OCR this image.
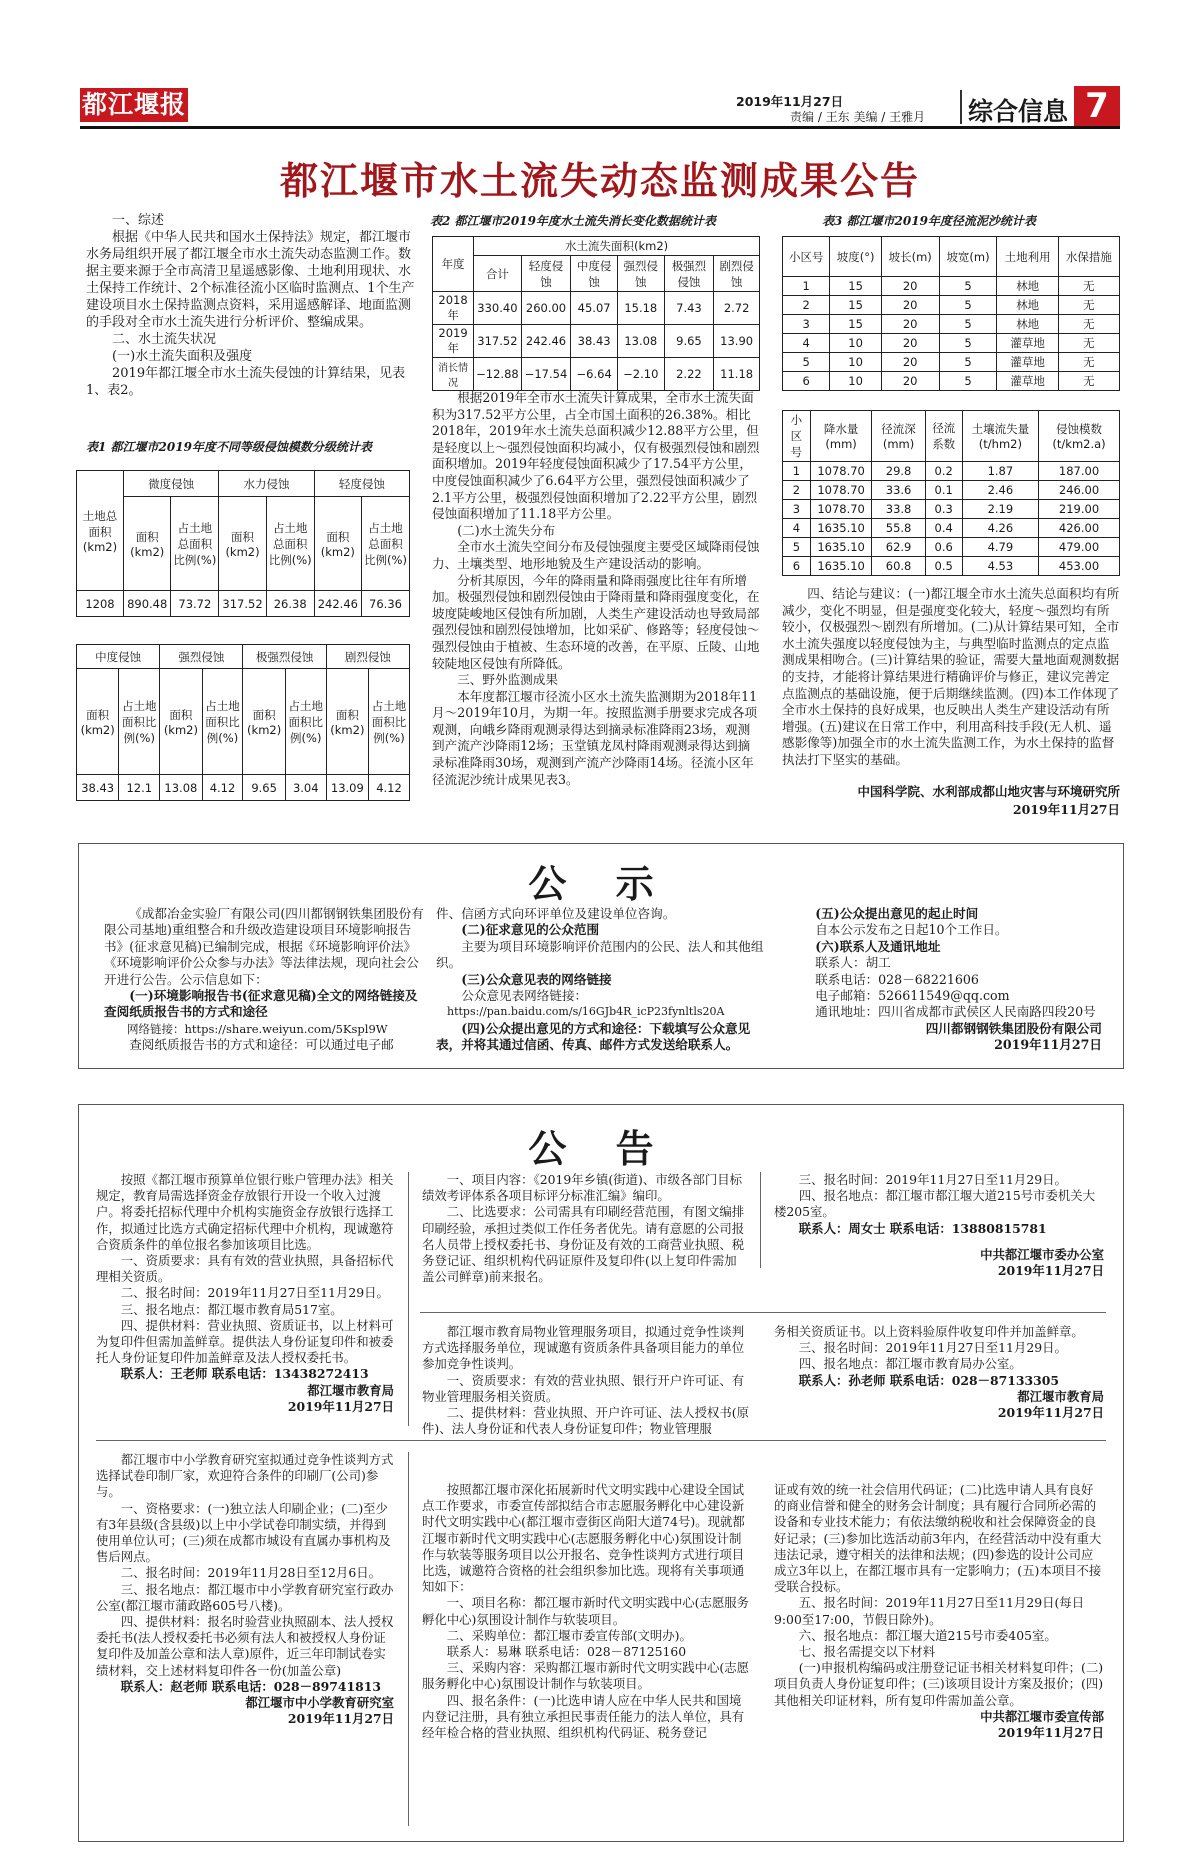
都江堰报	2019年11月27日
责编 / 王东 美编 / 王雅月 综合信息 7
都江堰市水土流失动态监测成果公告

一、综述

根据《中华人民共和国水土保持法》规定，都江堰市水务局组织开展了都江堰全市水土流失动态监测工作。数据主要来源于全市高清卫星遥感影像、土地利用现状、水土保持工作统计、2个标准径流小区临时监测点、1个生产建设项目水土保持监测点资料，采用遥感解译、地面监测的手段对全市水土流失进行分析评价、整编成果。

二、水土流失状况

(一)水土流失面积及强度

2019年都江堰全市水土流失侵蚀的计算结果，见表1、表2。

表1 都江堰市2019年度不同等级侵蚀模数分级统计表
土地总面积(km2)	微度侵蚀		水力侵蚀		轻度侵蚀	
	面积(km2)	占土地总面积比例(%)	面积(km2)	占土地总面积比例(%)	面积(km2)	占土地总面积比例(%)
1208	890.48	73.72	317.52	26.38	242.46	76.36
中度侵蚀		强烈侵蚀		极强烈侵蚀		剧烈侵蚀	
面积(km2)	占土地面积比例(%)	面积(km2)	占土地面积比例(%)	面积(km2)	占土地面积比例(%)	面积(km2)	占土地面积比例(%)
38.43	12.1	13.08	4.12	9.65	3.04	13.09	4.12
表2 都江堰市2019年度水土流失消长变化数据统计表
年度	水土流失面积(km2)					
	合计	轻度侵蚀	中度侵蚀	强烈侵蚀	极强烈侵蚀	剧烈侵蚀
2018年	330.40	260.00	45.07	15.18	7.43	2.72
2019年	317.52	242.46	38.43	13.08	9.65	13.90
消长情况	−12.88	−17.54	−6.64	−2.10	2.22	11.18

根据2019年全市水土流失计算成果，全市水土流失面积为317.52平方公里，占全市国土面积的26.38%。相比2018年，2019年水土流失总面积减少12.88平方公里，但是轻度以上～强烈侵蚀面积均减小，仅有极强烈侵蚀和剧烈面积增加。2019年轻度侵蚀面积减少了17.54平方公里，中度侵蚀面积减少了6.64平方公里，强烈侵蚀面积减少了2.1平方公里，极强烈侵蚀面积增加了2.22平方公里，剧烈侵蚀面积增加了11.18平方公里。

(二)水土流失分布

全市水土流失空间分布及侵蚀强度主要受区域降雨侵蚀力、土壤类型、地形地貌及生产建设活动的影响。

分析其原因，今年的降雨量和降雨强度比往年有所增加。极强烈侵蚀和剧烈侵蚀由于降雨量和降雨强度变化，在坡度陡峻地区侵蚀有所加剧，人类生产建设活动也导致局部强烈侵蚀和剧烈侵蚀增加，比如采矿、修路等；轻度侵蚀～强烈侵蚀由于植被、生态环境的改善，在平原、丘陵、山地较陡地区侵蚀有所降低。

三、野外监测成果

本年度都江堰市径流小区水土流失监测期为2018年11月～2019年10月，为期一年。按照监测手册要求完成各项观测，向峨乡降雨观测录得达到摘录标准降雨23场，观测到产流产沙降雨12场；玉堂镇龙凤村降雨观测录得达到摘录标准降雨30场，观测到产流产沙降雨14场。径流小区年径流泥沙统计成果见表3。

表3 都江堰市2019年度径流泥沙统计表
小区号	坡度(°)	坡长(m)	坡宽(m)	土地利用	水保措施
1	15	20	5	林地	无
2	15	20	5	林地	无
3	15	20	5	林地	无
4	10	20	5	灌草地	无
5	10	20	5	灌草地	无
6	10	20	5	灌草地	无
小区号	降水量(mm)	径流深(mm)	径流系数	土壤流失量(t/hm2)	侵蚀模数(t/km2.a)
1	1078.70	29.8	0.2	1.87	187.00
2	1078.70	33.6	0.1	2.46	246.00
3	1078.70	33.8	0.3	2.19	219.00
4	1635.10	55.8	0.4	4.26	426.00
5	1635.10	62.9	0.6	4.79	479.00
6	1635.10	60.8	0.5	4.53	453.00

四、结论与建议：(一)都江堰全市水土流失总面积均有所减少，变化不明显，但是强度变化较大，轻度～强烈均有所较小，仅极强烈～剧烈有所增加。(二)从计算结果可知，全市水土流失强度以轻度侵蚀为主，与典型临时监测点的定点监测成果相吻合。(三)计算结果的验证，需要大量地面观测数据的支持，才能将计算结果进行精确评价与修正，建议完善定点监测点的基础设施，便于后期继续监测。(四)本工作体现了全市水土保持的良好成果，也反映出人类生产建设活动有所增强。(五)建议在日常工作中，利用高科技手段(无人机、遥感影像等)加强全市的水土流失监测工作，为水土保持的监督执法打下坚实的基础。

中国科学院、水利部成都山地灾害与环境研究所
2019年11月27日
公 示

《成都冶金实验厂有限公司(四川都钢钢铁集团股份有限公司基地)重组整合和升级改造建设项目环境影响报告书》(征求意见稿)已编制完成，根据《环境影响评价法》《环境影响评价公众参与办法》等法律法规，现向社会公开进行公告。公示信息如下：

(一)环境影响报告书(征求意见稿)全文的网络链接及查阅纸质报告书的方式和途径

网络链接：https://share.weiyun.com/5Kspl9W

查阅纸质报告书的方式和途径：可以通过电子邮

件、信函方式向环评单位及建设单位咨询。

(二)征求意见的公众范围

主要为项目环境影响评价范围内的公民、法人和其他组织。

(三)公众意见表的网络链接

公众意见表网络链接：

https://pan.baidu.com/s/16GJb4R_icP23fynltls20A

(四)公众提出意见的方式和途径：下载填写公众意见表，并将其通过信函、传真、邮件方式发送给联系人。

(五)公众提出意见的起止时间

自本公示发布之日起10个工作日。

(六)联系人及通讯地址

联系人：胡工

联系电话：028－68221606

电子邮箱：526611549@qq.com

通讯地址：四川省成都市武侯区人民南路四段20号

四川都钢钢铁集团股份有限公司
2019年11月27日
公 告

按照《都江堰市预算单位银行账户管理办法》相关规定，教育局需选择资金存放银行开设一个收入过渡户。将委托招标代理中介机构实施资金存放银行选择工作，拟通过比选方式确定招标代理中介机构，现诚邀符合资质条件的单位报名参加该项目比选。

一、资质要求：具有有效的营业执照，具备招标代理相关资质。

二、报名时间：2019年11月27日至11月29日。

三、报名地点：都江堰市教育局517室。

四、提供材料：营业执照、资质证书，以上材料可为复印件但需加盖鲜章。提供法人身份证复印件和被委托人身份证复印件加盖鲜章及法人授权委托书。

联系人：王老师 联系电话：13438272413

都江堰市教育局
2019年11月27日

一、项目内容：《2019年乡镇(街道)、市级各部门目标绩效考评体系各项目标评分标准汇编》编印。

二、比选要求：公司需具有印刷经营范围，有图文编排印刷经验，承担过类似工作任务者优先。请有意愿的公司报名人员带上授权委托书、身份证及有效的工商营业执照、税务登记证、组织机构代码证原件及复印件(以上复印件需加盖公司鲜章)前来报名。

三、报名时间：2019年11月27日至11月29日。

四、报名地点：都江堰市都江堰大道215号市委机关大楼205室。

联系人：周女士 联系电话：13880815781

中共都江堰市委办公室
2019年11月27日

都江堰市教育局物业管理服务项目，拟通过竞争性谈判方式选择服务单位，现诚邀有资质条件具备项目能力的单位参加竞争性谈判。

一、资质要求：有效的营业执照、银行开户许可证、有物业管理服务相关资质。

二、提供材料：营业执照、开户许可证、法人授权书(原件)、法人身份证和代表人身份证复印件；物业管理服

务相关资质证书。以上资料验原件收复印件并加盖鲜章。

三、报名时间：2019年11月27日至11月29日。

四、报名地点：都江堰市教育局办公室。

联系人：孙老师 联系电话：028－87133305

都江堰市教育局
2019年11月27日

都江堰市中小学教育研究室拟通过竞争性谈判方式选择试卷印制厂家，欢迎符合条件的印刷厂(公司)参与。

一、资格要求：(一)独立法人印刷企业；(二)至少有3年县级(含县级)以上中小学试卷印制实绩，并得到使用单位认可；(三)须在成都市城设有直属办事机构及售后网点。

二、报名时间：2019年11月28日至12月6日。

三、报名地点：都江堰市中小学教育研究室行政办公室(都江堰市蒲政路605号八楼)。

四、提供材料：报名时验营业执照副本、法人授权委托书(法人授权委托书必须有法人和被授权人身份证复印件及加盖公章和法人章)原件，近三年印制试卷实绩材料，交上述材料复印件各一份(加盖公章)

联系人：赵老师 联系电话：028－89741813

都江堰市中小学教育研究室
2019年11月27日

按照都江堰市深化拓展新时代文明实践中心建设全国试点工作要求，市委宣传部拟结合市志愿服务孵化中心建设新时代文明实践中心(都江堰市壹街区尚阳大道74号)。现就都江堰市新时代文明实践中心(志愿服务孵化中心)氛围设计制作与软装等服务项目以公开报名、竞争性谈判方式进行项目比选，诚邀符合资格的社会组织参加比选。现将有关事项通知如下：

一、项目名称：都江堰市新时代文明实践中心(志愿服务孵化中心)氛围设计制作与软装项目。

二、采购单位：都江堰市委宣传部(文明办)。

联系人：易琳 联系电话：028－87125160

三、采购内容：采购都江堰市新时代文明实践中心(志愿服务孵化中心)氛围设计制作与软装项目。

四、报名条件：(一)比选申请人应在中华人民共和国境内登记注册，具有独立承担民事责任能力的法人单位，具有经年检合格的营业执照、组织机构代码证、税务登记

证或有效的统一社会信用代码证；(二)比选申请人具有良好的商业信誉和健全的财务会计制度；具有履行合同所必需的设备和专业技术能力；有依法缴纳税收和社会保障资金的良好记录；(三)参加比选活动前3年内，在经营活动中没有重大违法记录，遵守相关的法律和法规；(四)参选的设计公司应成立3年以上，在都江堰市具有一定影响力；(五)本项目不接受联合投标。

五、报名时间：2019年11月27日至11月29日(每日9:00至17:00，节假日除外)。

六、报名地点：都江堰大道215号市委405室。

七、报名需提交以下材料

(一)申报机构编码或注册登记证书相关材料复印件；(二)项目负责人身份证复印件；(三)该项目设计方案及报价；(四)其他相关印证材料，所有复印件需加盖公章。

中共都江堰市委宣传部
2019年11月27日
